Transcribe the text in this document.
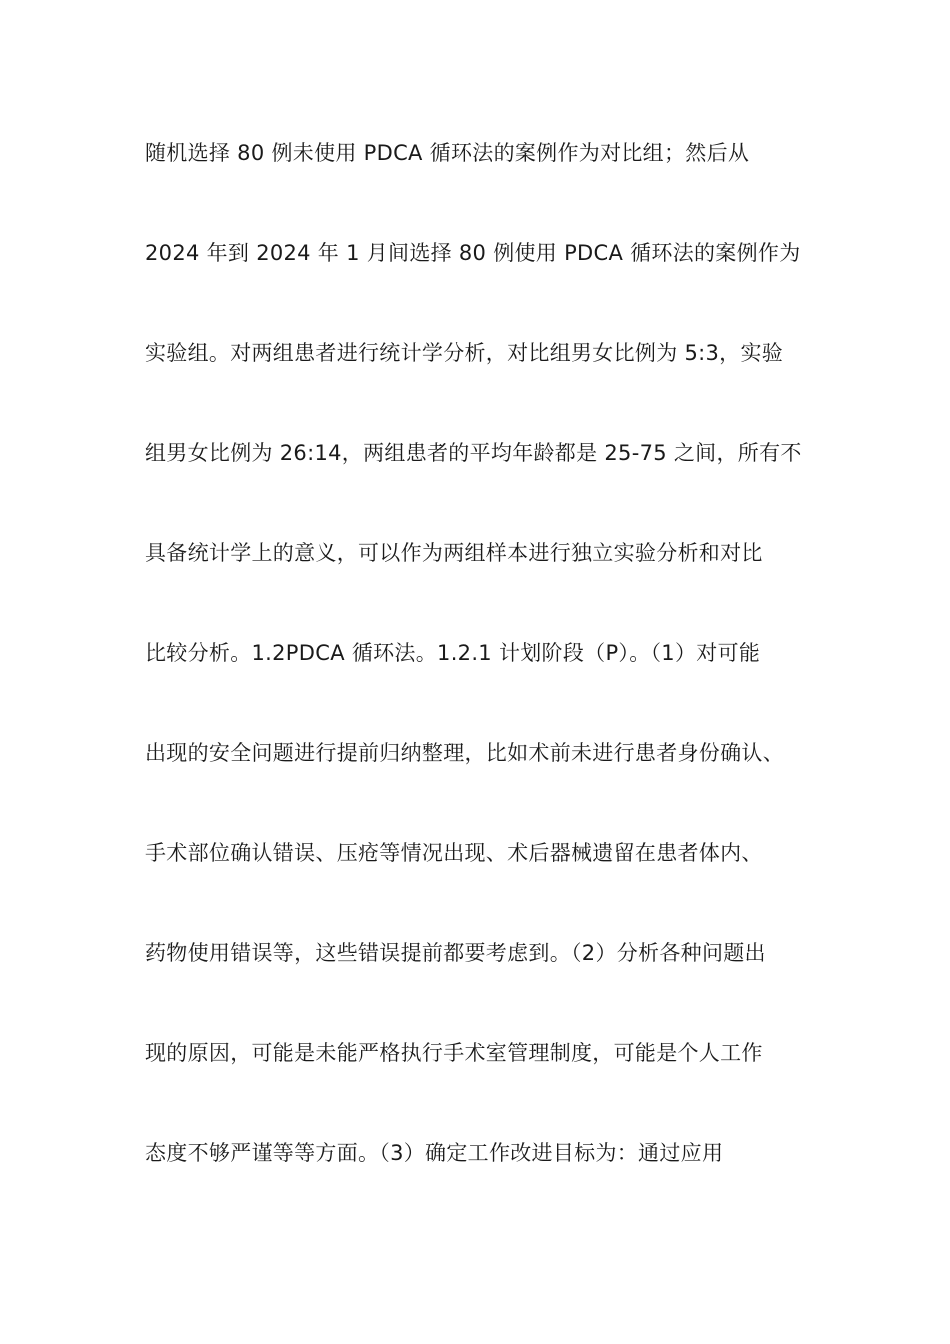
随机选择 80 例未使用 PDCA 循环法的案例作为对比组；然后从
2024 年到 2024 年 1 月间选择 80 例使用 PDCA 循环法的案例作为
实验组。对两组患者进行统计学分析，对比组男女比例为 5:3，实验
组男女比例为 26:14，两组患者的平均年龄都是 25-75 之间，所有不
具备统计学上的意义，可以作为两组样本进行独立实验分析和对比
比较分析。1.2PDCA 循环法。1.2.1 计划阶段（P）。（1）对可能
出现的安全问题进行提前归纳整理，比如术前未进行患者身份确认、
手术部位确认错误、压疮等情况出现、术后器械遗留在患者体内、
药物使用错误等，这些错误提前都要考虑到。（2）分析各种问题出
现的原因，可能是未能严格执行手术室管理制度，可能是个人工作
态度不够严谨等等方面。（3）确定工作改进目标为：通过应用
